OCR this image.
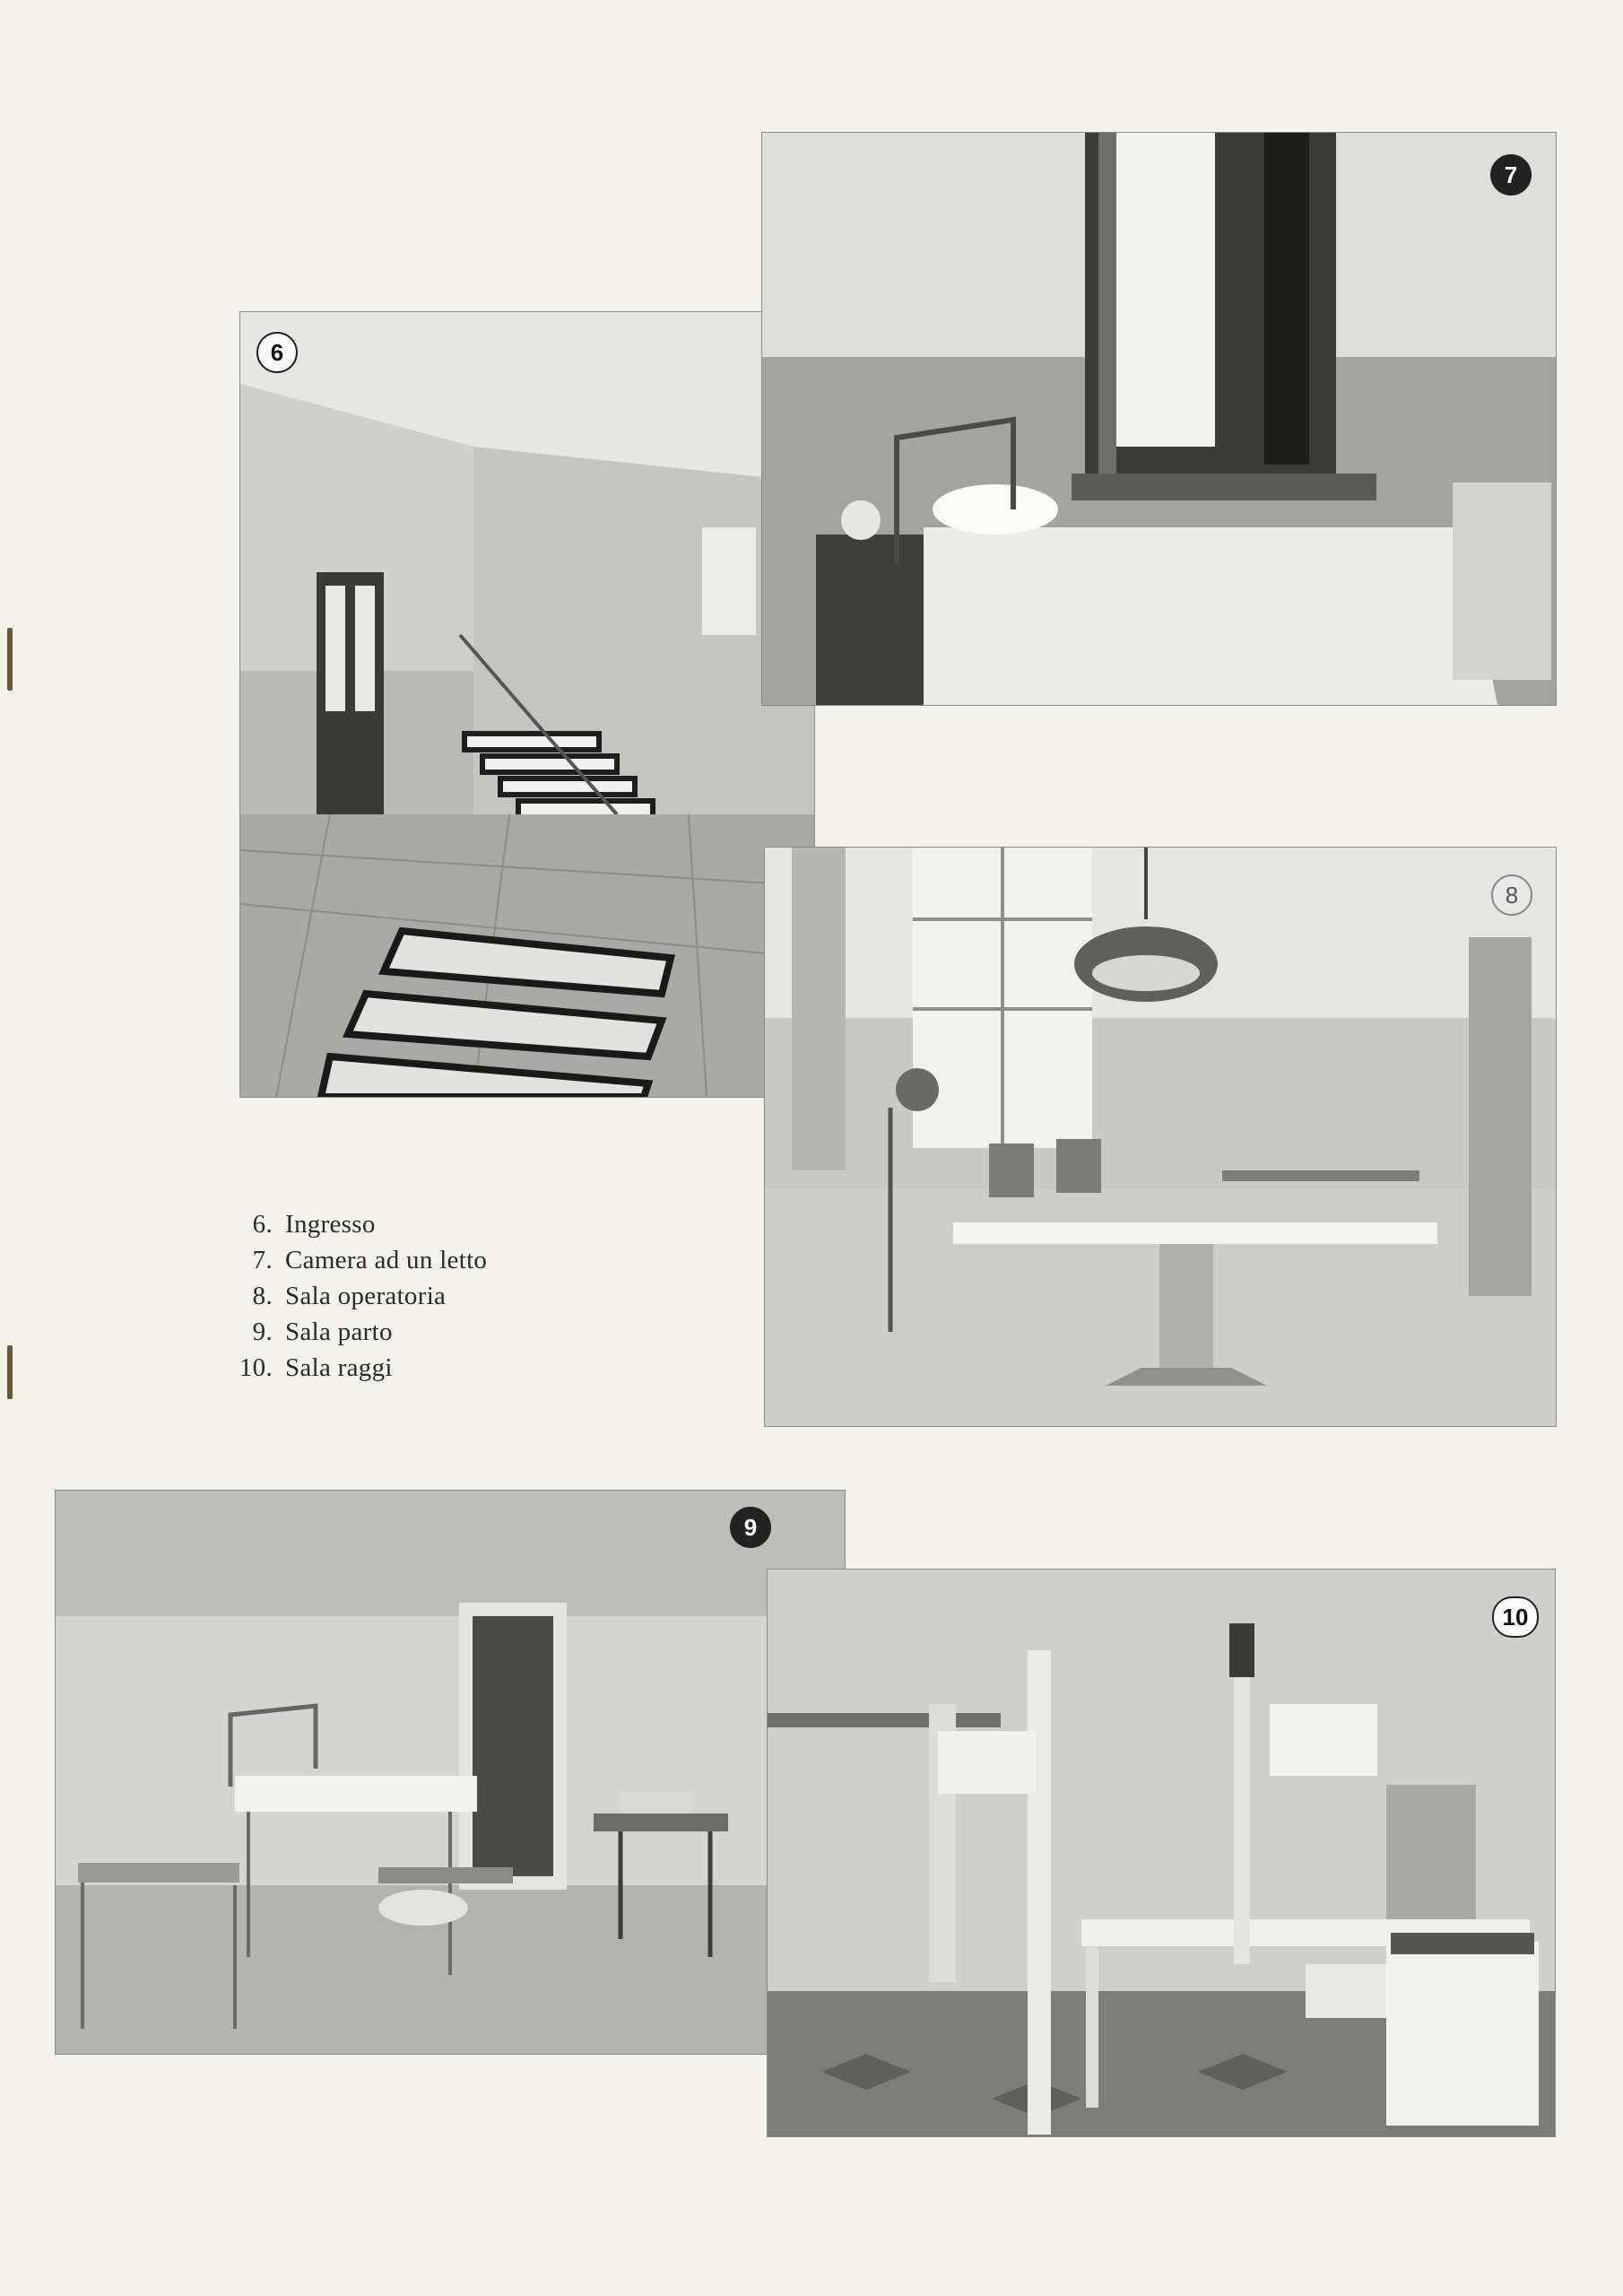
6
7
8
9
10
6. Ingresso
7. Camera ad un letto
8. Sala operatoria
9. Sala parto
10. Sala raggi
